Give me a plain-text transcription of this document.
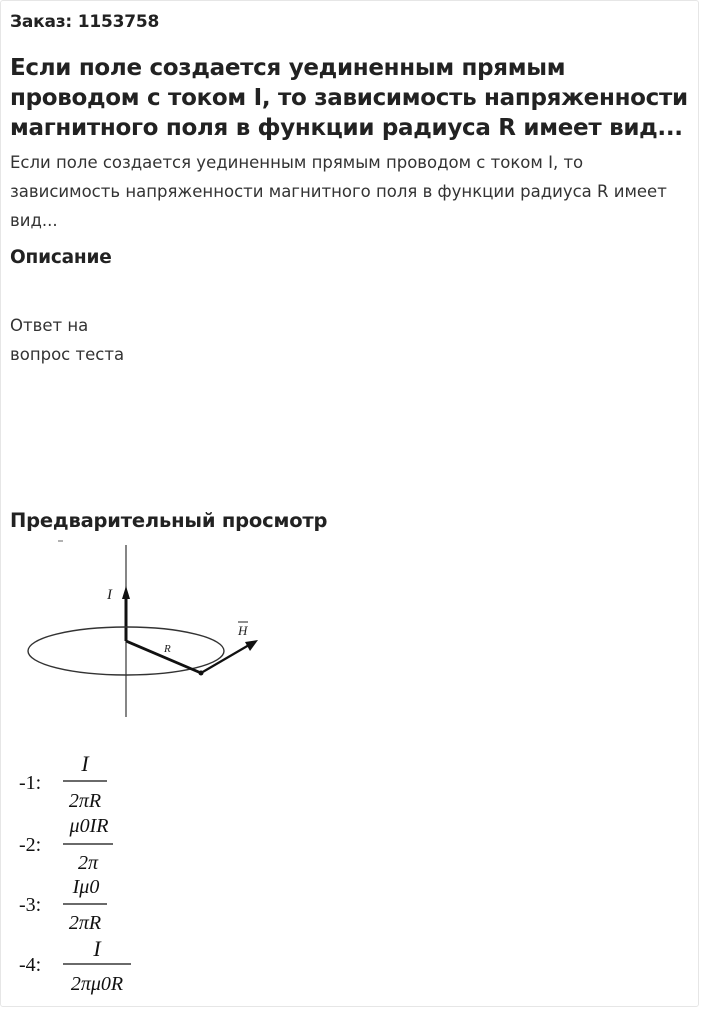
Заказ: 1153758
Если поле создается уединенным прямым проводом с током I, то зависимость напряженности магнитного поля в функции радиуса R имеет вид...

Если поле создается уединенным прямым проводом с током I, то зависимость напряженности магнитного поля в функции радиуса R имеет вид...

Описание
Ответ на
вопрос теста
Предварительный просмотр
I
R
H
-1:
I
2πR
-2:
μ0IR
2π
-3:
Iμ0
2πR
-4:
I
2πμ0R
